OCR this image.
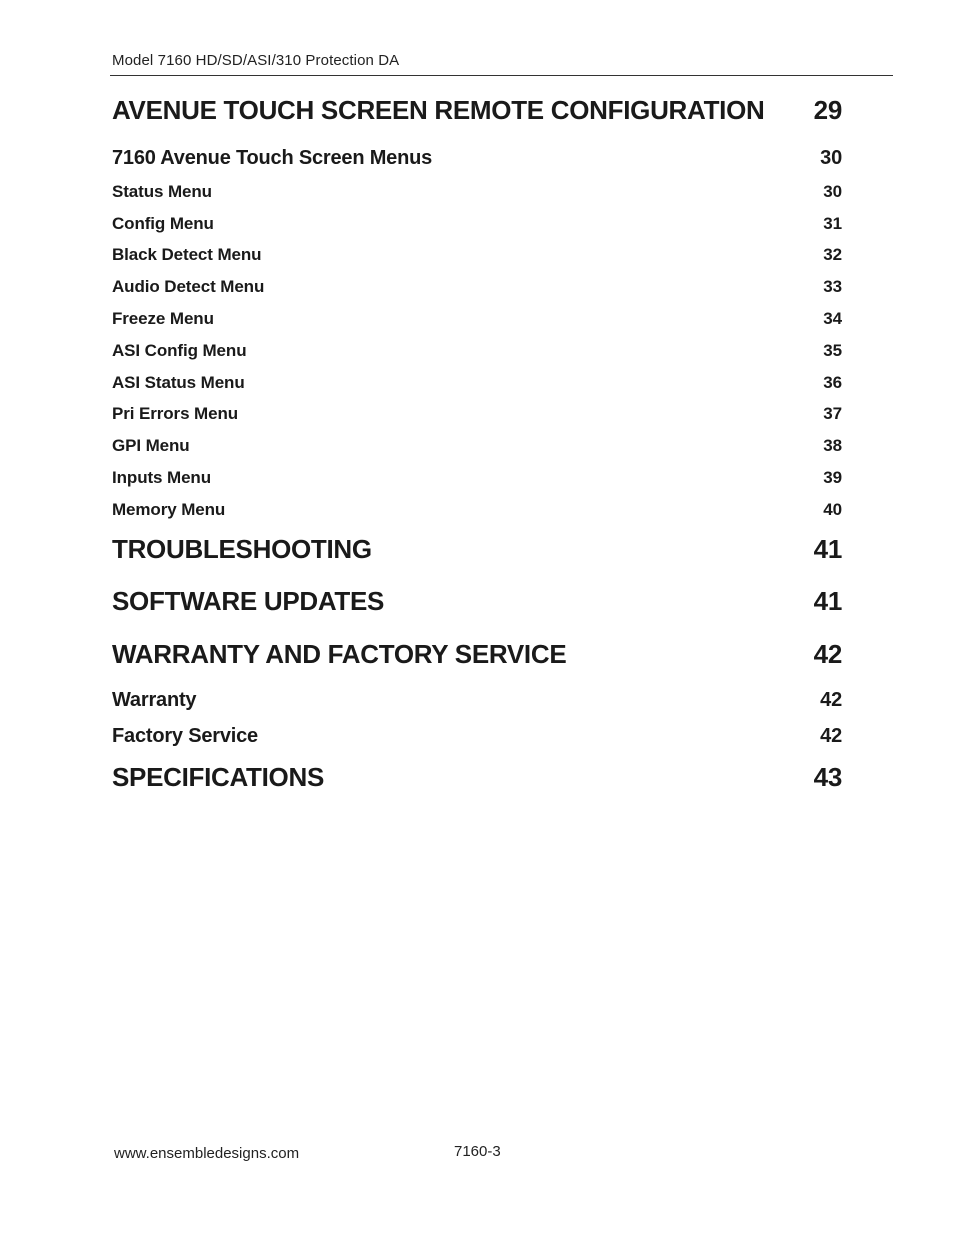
Model 7160 HD/SD/ASI/310 Protection DA
AVENUE TOUCH SCREEN REMOTE CONFIGURATION 29
7160 Avenue Touch Screen Menus	30
Status Menu	30
Config Menu	31
Black Detect Menu	32
Audio Detect Menu	33
Freeze Menu	34
ASI Config Menu	35
ASI Status Menu	36
Pri Errors Menu	37
GPI Menu	38
Inputs Menu	39
Memory Menu	40
TROUBLESHOOTING	41
SOFTWARE UPDATES	41
WARRANTY AND FACTORY SERVICE	42
Warranty	42
Factory Service	42
SPECIFICATIONS	43
www.ensembledesigns.com	7160-3
